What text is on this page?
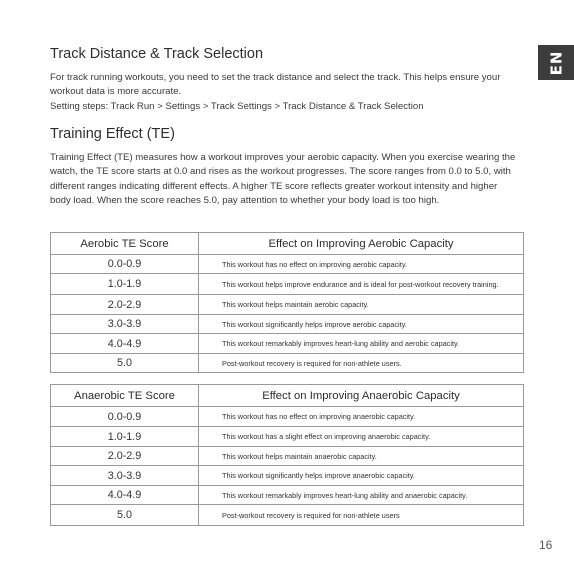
EN
Track Distance & Track Selection

For track running workouts, you need to set the track distance and select the track. This helps ensure your workout data is more accurate.

Setting steps: Track Run > Settings > Track Settings > Track Distance & Track Selection

Training Effect (TE)

Training Effect (TE) measures how a workout improves your aerobic capacity. When you exercise wearing the watch, the TE score starts at 0.0 and rises as the workout progresses. The score ranges from 0.0 to 5.0, with different ranges indicating different effects. A higher TE score reflects greater workout intensity and higher body load. When the score reaches 5.0, pay attention to whether your body load is too high.

Aerobic TE Score	Effect on Improving Aerobic Capacity
0.0-0.9	This workout has no effect on improving aerobic capacity.
1.0-1.9	This workout helps improve endurance and is ideal for post-workout recovery training.
2.0-2.9	This workout helps maintain aerobic capacity.
3.0-3.9	This workout significantly helps improve aerobic capacity.
4.0-4.9	This workout remarkably improves heart-lung ability and aerobic capacity.
5.0	Post-workout recovery is required for non-athlete users.
Anaerobic TE Score	Effect on Improving Anaerobic Capacity
0.0-0.9	This workout has no effect on improving anaerobic capacity.
1.0-1.9	This workout has a slight effect on improving anaerobic capacity.
2.0-2.9	This workout helps maintain anaerobic capacity.
3.0-3.9	This workout significantly helps improve anaerobic capacity.
4.0-4.9	This workout remarkably improves heart-lung ability and anaerobic capacity.
5.0	Post-workout recovery is required for non-athlete users
16
